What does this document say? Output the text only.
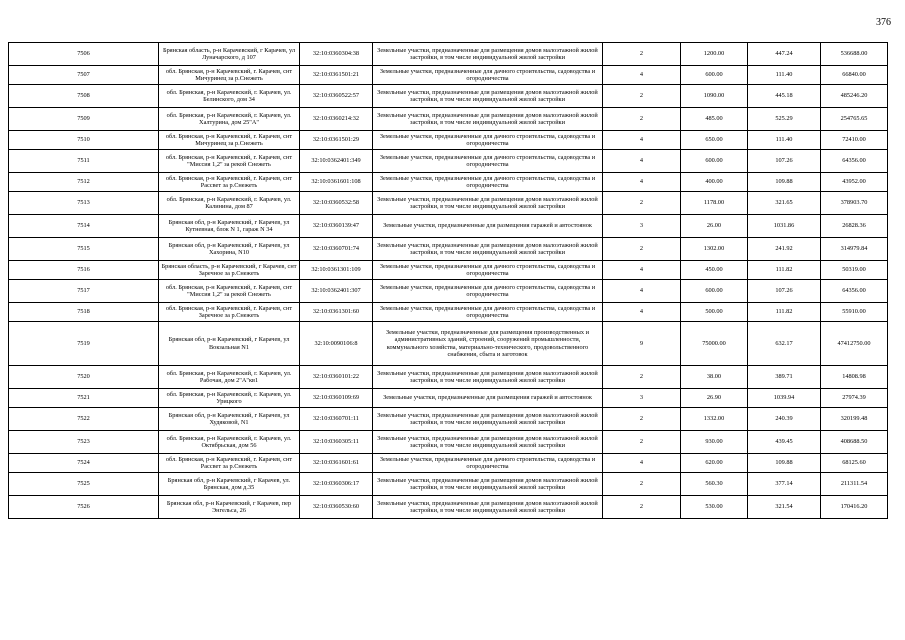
376
7506	Брянская область, р-н Карачевский, г Карачев, ул Луначарского, д 107	32:10:0360304:38	Земельные участки, предназначенные для размещения домов малоэтажной жилой застройки, в том числе индивидуальной жилой застройки	2	1200.00	447.24	536688.00
7507	обл. Брянская, р-н Карачевский, г. Карачев, снт Мичуринец за р.Снежеть	32:10:0361501:21	Земельные участки, предназначенные для дачного строительства, садоводства и огородничества	4	600.00	111.40	66840.00
7508	обл. Брянская, р-н Карачевский, г. Карачев, ул. Белинского, дом 34	32:10:0360522:57	Земельные участки, предназначенные для размещения домов малоэтажной жилой застройки, в том числе индивидуальной жилой застройки	2	1090.00	445.18	485246.20
7509	обл. Брянская, р-н Карачевский, г. Карачев, ул. Халтурина, дом 25"А"	32:10:0360214:32	Земельные участки, предназначенные для размещения домов малоэтажной жилой застройки, в том числе индивидуальной жилой застройки	2	485.00	525.29	254765.65
7510	обл. Брянская, р-н Карачевский, г. Карачев, снт Мичуринец за р.Снежеть	32:10:0361501:29	Земельные участки, предназначенные для дачного строительства, садоводства и огородничества	4	650.00	111.40	72410.00
7511	обл. Брянская, р-н Карачевский, г. Карачев, снт "Миссия 1,2" за рекой Снежеть	32:10:0362401:349	Земельные участки, предназначенные для дачного строительства, садоводства и огородничества	4	600.00	107.26	64356.00
7512	обл. Брянская, р-н Карачевский, г. Карачев, снт Рассвет за р.Снежеть	32:10:0361601:108	Земельные участки, предназначенные для дачного строительства, садоводства и огородничества	4	400.00	109.88	43952.00
7513	обл. Брянская, р-н Карачевский, г. Карачев, ул. Калинина, дом 87	32:10:0360532:58	Земельные участки, предназначенные для размещения домов малоэтажной жилой застройки, в том числе индивидуальной жилой застройки	2	1178.00	321.65	378903.70
7514	Брянская обл, р-н Карачевский, г Карачев, ул Кутневная, блок N 1, гараж N 34	32:10:0360139:47	Земельные участки, предназначенные для размещения гаражей и автостоянок	3	26.00	1031.86	26828.36
7515	Брянская обл, р-н Карачевский, г Карачев, ул Хахорина, N10	32:10:0360701:74	Земельные участки, предназначенные для размещения домов малоэтажной жилой застройки, в том числе индивидуальной жилой застройки	2	1302.00	241.92	314979.84
7516	Брянская область, р-н Карачевский, г Карачев, снт Заречное за р.Снежеть	32:10:0361301:109	Земельные участки, предназначенные для дачного строительства, садоводства и огородничества	4	450.00	111.82	50319.00
7517	обл. Брянская, р-н Карачевский, г. Карачев, снт "Миссия 1,2" за рекой Снежеть	32:10:0362401:307	Земельные участки, предназначенные для дачного строительства, садоводства и огородничества	4	600.00	107.26	64356.00
7518	обл. Брянская, р-н Карачевский, г. Карачев, снт Заречное за р.Снежеть	32:10:0361301:60	Земельные участки, предназначенные для дачного строительства, садоводства и огородничества	4	500.00	111.82	55910.00
7519	Брянская обл, р-н Карачевский, г Карачев, ул Вокзальная N1	32:10:0090106:8	Земельные участки, предназначенные для размещения производственных и административных зданий, строений, сооружений промышленности, коммунального хозяйства, материально-технического, продовольственного снабжения, сбыта и заготовок	9	75000.00	632.17	47412750.00
7520	обл. Брянская, р-н Карачевский, г. Карачев, ул. Рабочая, дом 2"А"кв1	32:10:0360101:22	Земельные участки, предназначенные для размещения домов малоэтажной жилой застройки, в том числе индивидуальной жилой застройки	2	38.00	389.71	14808.98
7521	обл. Брянская, р-н Карачевский, г. Карачев, ул. Урицкого	32:10:0360109:69	Земельные участки, предназначенные для размещения гаражей и автостоянок	3	26.90	1039.94	27974.39
7522	Брянская обл, р-н Карачевский, г Карачев, ул Худяковой, N1	32:10:0360701:11	Земельные участки, предназначенные для размещения домов малоэтажной жилой застройки, в том числе индивидуальной жилой застройки	2	1332.00	240.39	320199.48
7523	обл. Брянская, р-н Карачевский, г. Карачев, ул. Октябрьская, дом 56	32:10:0360305:11	Земельные участки, предназначенные для размещения домов малоэтажной жилой застройки, в том числе индивидуальной жилой застройки	2	930.00	439.45	408688.50
7524	обл. Брянская, р-н Карачевский, г. Карачев, снт Рассвет за р.Снежеть	32:10:0361601:61	Земельные участки, предназначенные для дачного строительства, садоводства и огородничества	4	620.00	109.88	68125.60
7525	Брянская обл, р-н Карачевский, г Карачев, ул. Брянская, дом д.35	32:10:0360306:17	Земельные участки, предназначенные для размещения домов малоэтажной жилой застройки, в том числе индивидуальной жилой застройки	2	560.30	377.14	211311.54
7526	Брянская обл, р-н Карачевский, г Карачев, пер Энгельса, 26	32:10:0360530:60	Земельные участки, предназначенные для размещения домов малоэтажной жилой застройки, в том числе индивидуальной жилой застройки	2	530.00	321.54	170416.20
